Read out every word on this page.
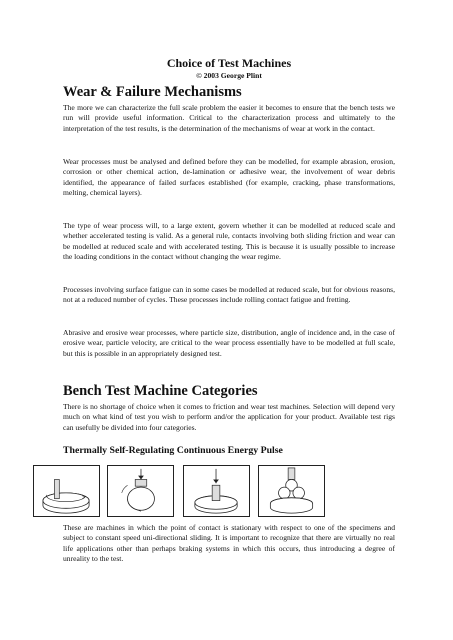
Choice of Test Machines
© 2003 George Plint
Wear & Failure Mechanisms

The more we can characterize the full scale problem the easier it becomes to ensure that the bench tests we run will provide useful information. Critical to the characterization process and ultimately to the interpretation of the test results, is the determination of the mechanisms of wear at work in the contact.

Wear processes must be analysed and defined before they can be modelled, for example abrasion, erosion, corrosion or other chemical action, de-lamination or adhesive wear, the involvement of wear debris identified, the appearance of failed surfaces established (for example, cracking, phase transformations, melting, chemical layers).

The type of wear process will, to a large extent, govern whether it can be modelled at reduced scale and whether accelerated testing is valid. As a general rule, contacts involving both sliding friction and wear can be modelled at reduced scale and with accelerated testing. This is because it is usually possible to increase the loading conditions in the contact without changing the wear regime.

Processes involving surface fatigue can in some cases be modelled at reduced scale, but for obvious reasons, not at a reduced number of cycles. These processes include rolling contact fatigue and fretting.

Abrasive and erosive wear processes, where particle size, distribution, angle of incidence and, in the case of erosive wear, particle velocity, are critical to the wear process essentially have to be modelled at full scale, but this is possible in an appropriately designed test.

Bench Test Machine Categories

There is no shortage of choice when it comes to friction and wear test machines. Selection will depend very much on what kind of test you wish to perform and/or the application for your product. Available test rigs can usefully be divided into four categories.

Thermally Self-Regulating Continuous Energy Pulse

These are machines in which the point of contact is stationary with respect to one of the specimens and subject to constant speed uni-directional sliding. It is important to recognize that there are virtually no real life applications other than perhaps braking systems in which this occurs, thus introducing a degree of unreality to the test.
